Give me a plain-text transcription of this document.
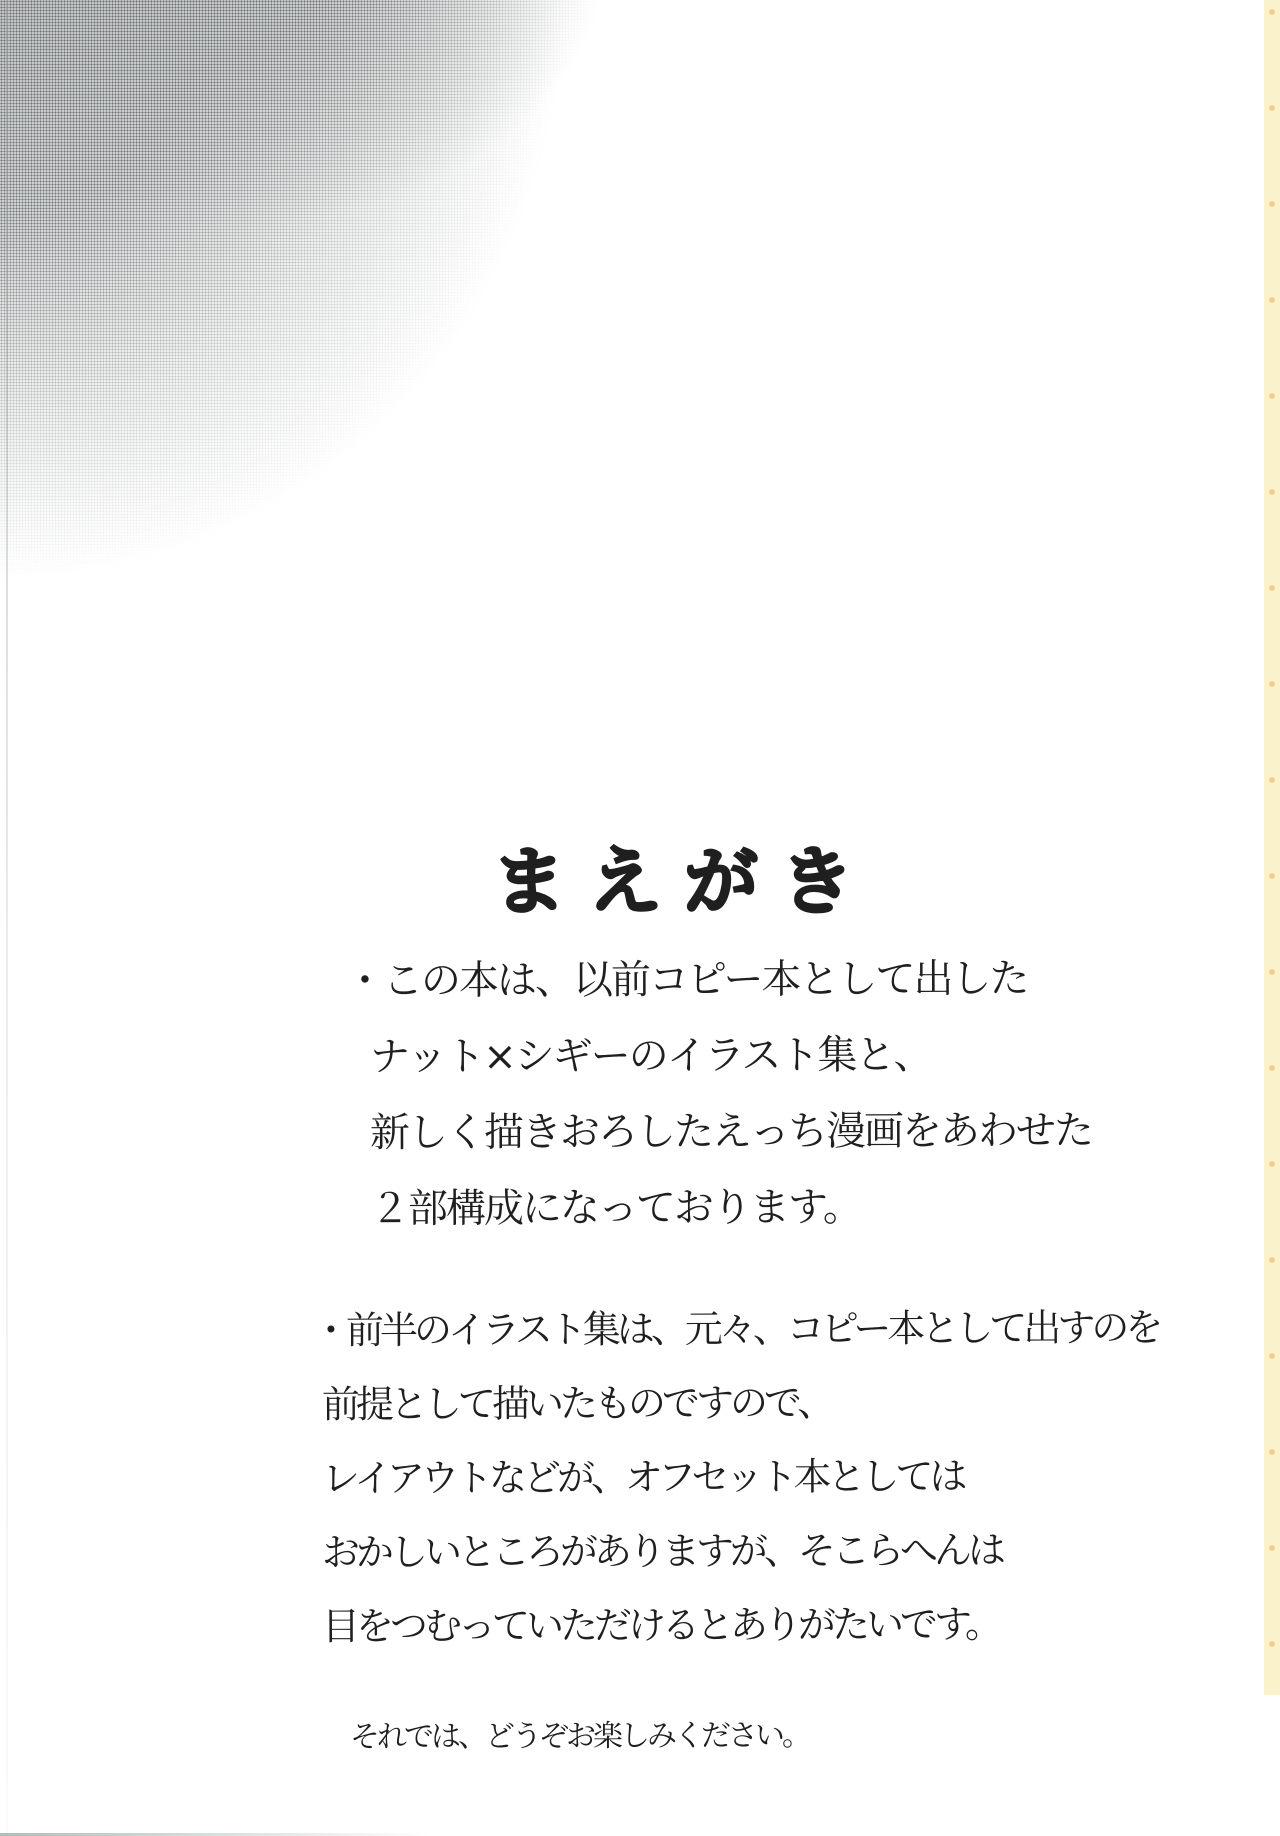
まえがき
・この本は、以前コピー本として出した
ナット×シギーのイラスト集と、
新しく描きおろしたえっち漫画をあわせた
２部構成になっております。
・前半のイラスト集は、元々、コピー本として出すのを
前提として描いたものですので、
レイアウトなどが、オフセット本としては
おかしいところがありますが、そこらへんは
目をつむっていただけるとありがたいです。
それでは、どうぞお楽しみください。
